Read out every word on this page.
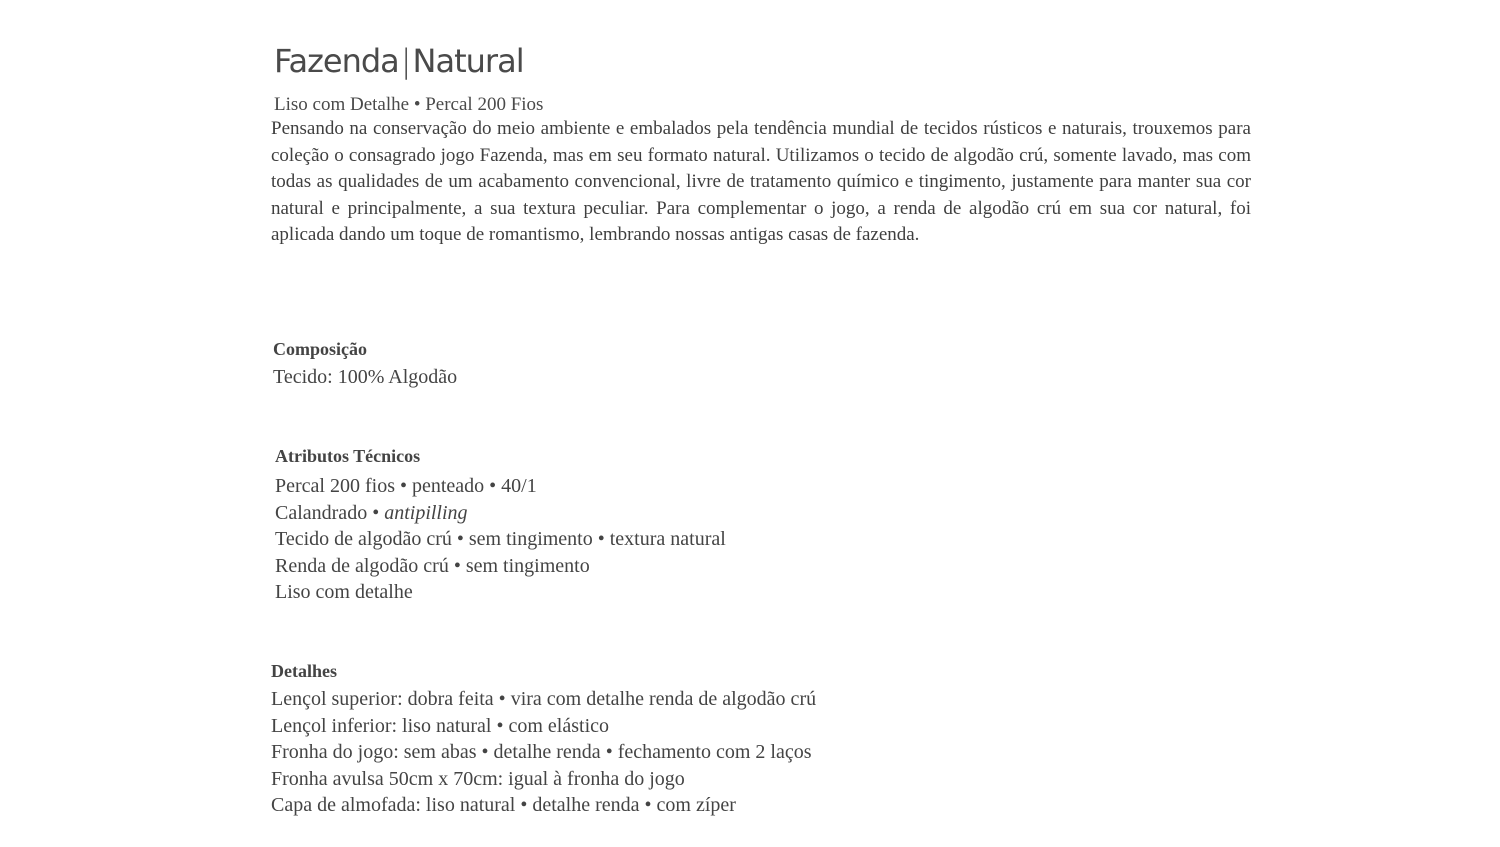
Fazenda|Natural
Liso com Detalhe • Percal 200 Fios

Pensando na conservação do meio ambiente e embalados pela tendência mundial de tecidos rústicos e naturais, trouxemos para coleção o consagrado jogo Fazenda, mas em seu formato natural. Utilizamos o tecido de algodão crú, somente lavado, mas com todas as qualidades de um acabamento convencional, livre de tratamento químico e tingimento, justamente para manter sua cor natural e principalmente, a sua textura peculiar. Para complementar o jogo, a renda de algodão crú em sua cor natural, foi aplicada dando um toque de romantismo, lembrando nossas antigas casas de fazenda.

Composição
Tecido: 100% Algodão
Atributos Técnicos
Percal 200 fios • penteado • 40/1
Calandrado • antipilling
Tecido de algodão crú • sem tingimento • textura natural
Renda de algodão crú • sem tingimento
Liso com detalhe
Detalhes
Lençol superior: dobra feita • vira com detalhe renda de algodão crú
Lençol inferior: liso natural • com elástico
Fronha do jogo: sem abas • detalhe renda • fechamento com 2 laços
Fronha avulsa 50cm x 70cm: igual à fronha do jogo
Capa de almofada: liso natural • detalhe renda • com zíper
